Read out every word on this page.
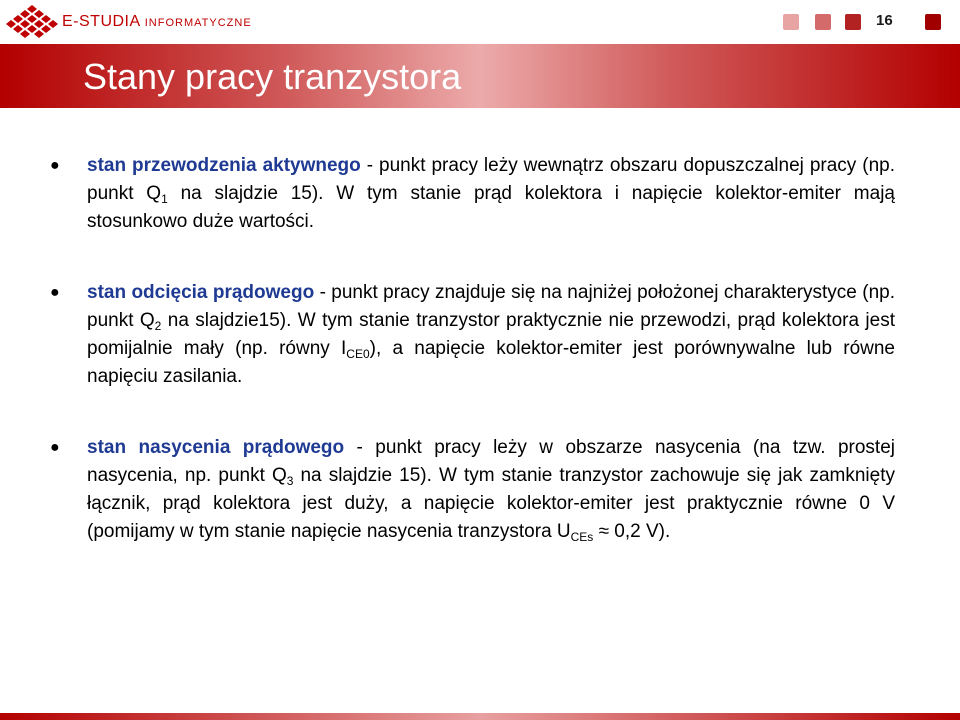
E-STUDIA INFORMATYCZNE	16
Stany pracy tranzystora
● stan przewodzenia aktywnego - punkt pracy leży wewnątrz obszaru dopuszczalnej pracy (np. punkt $Q_1$ na slajdzie 15). W tym stanie prąd kolektora i napięcie kolektor-emiter mają stosunkowo duże wartości.
● stan odcięcia prądowego - punkt pracy znajduje się na najniżej położonej charakterystyce (np. punkt $Q_2$ na slajdzie15). W tym stanie tranzystor praktycznie nie przewodzi, prąd kolektora jest pomijalnie mały (np. równy $I_{CE0}$), a napięcie kolektor-emiter jest porównywalne lub równe napięciu zasilania.
● stan nasycenia prądowego - punkt pracy leży w obszarze nasycenia (na tzw. prostej nasycenia, np. punkt $Q_3$ na slajdzie 15). W tym stanie tranzystor zachowuje się jak zamknięty łącznik, prąd kolektora jest duży, a napięcie kolektor-emiter jest praktycznie równe 0 V (pomijamy w tym stanie napięcie nasycenia tranzystora $U_{CEs} \approx 0,2$ V).
